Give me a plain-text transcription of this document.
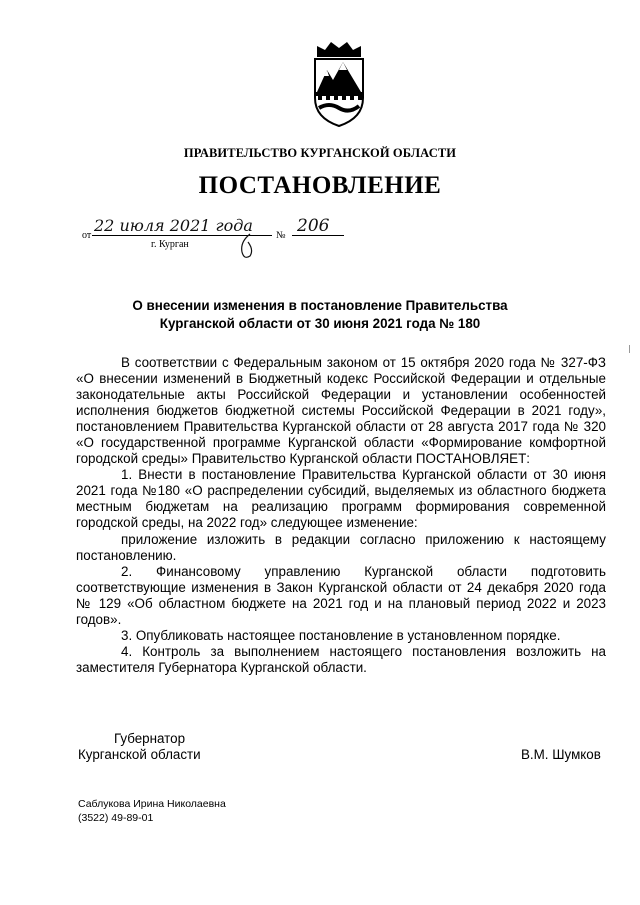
ПРАВИТЕЛЬСТВО КУРГАНСКОЙ ОБЛАСТИ
ПОСТАНОВЛЕНИЕ
от
22 июля 2021 года
№ 206
г. Курган
О внесении изменения в постановление Правительства
Курганской области от 30 июня 2021 года № 180

В соответствии с Федеральным законом от 15 октября 2020 года № 327-ФЗ «О внесении изменений в Бюджетный кодекс Российской Федерации и отдельные законодательные акты Российской Федерации и установлении особенностей исполнения бюджетов бюджетной системы Российской Федерации в 2021 году», постановлением Правительства Курганской области от 28 августа 2017 года № 320 «О государственной программе Курганской области «Формирование комфортной городской среды» Правительство Курганской области ПОСТАНОВЛЯЕТ:

1. Внести в постановление Правительства Курганской области от 30 июня 2021 года №180 «О распределении субсидий, выделяемых из областного бюджета местным бюджетам на реализацию программ формирования современной городской среды, на 2022 год» следующее изменение:

приложение изложить в редакции согласно приложению к настоящему постановлению.

2. Финансовому управлению Курганской области подготовить соответствующие изменения в Закон Курганской области от 24 декабря 2020 года № 129 «Об областном бюджете на 2021 год и на плановый период 2022 и 2023 годов».

3. Опубликовать настоящее постановление в установленном порядке.

4. Контроль за выполнением настоящего постановления возложить на заместителя Губернатора Курганской области.

Губернатор
Курганской области	В.М. Шумков
Саблукова Ирина Николаевна
(3522) 49-89-01
